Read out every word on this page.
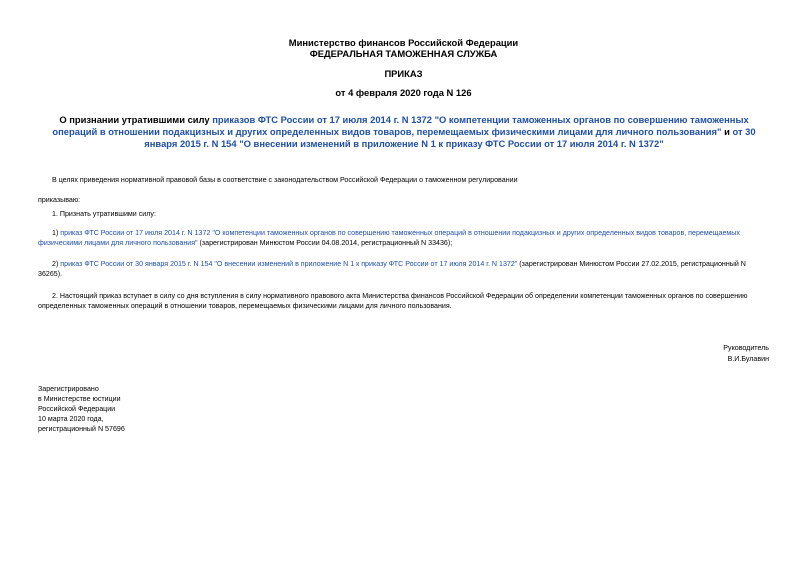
Министерство финансов Российской Федерации
ФЕДЕРАЛЬНАЯ ТАМОЖЕННАЯ СЛУЖБА
ПРИКАЗ
от 4 февраля 2020 года N 126
О признании утратившими силу приказов ФТС России от 17 июля 2014 г. N 1372 "О компетенции таможенных органов по совершению таможенных операций в отношении подакцизных и других определенных видов товаров, перемещаемых физическими лицами для личного пользования" и от 30 января 2015 г. N 154 "О внесении изменений в приложение N 1 к приказу ФТС России от 17 июля 2014 г. N 1372"
В целях приведения нормативной правовой базы в соответствие с законодательством Российской Федерации о таможенном регулировании
приказываю:
1. Признать утратившими силу:
1) приказ ФТС России от 17 июля 2014 г. N 1372 "О компетенции таможенных органов по совершению таможенных операций в отношении подакцизных и других определенных видов товаров, перемещаемых физическими лицами для личного пользования" (зарегистрирован Минюстом России 04.08.2014, регистрационный N 33436);
2) приказ ФТС России от 30 января 2015 г. N 154 "О внесении изменений в приложение N 1 к приказу ФТС России от 17 июля 2014 г. N 1372" (зарегистрирован Минюстом России 27.02.2015, регистрационный N 36265).
2. Настоящий приказ вступает в силу со дня вступления в силу нормативного правового акта Министерства финансов Российской Федерации об определении компетенции таможенных органов по совершению определенных таможенных операций в отношении товаров, перемещаемых физическими лицами для личного пользования.
Руководитель
В.И.Булавин
Зарегистрировано
в Министерстве юстиции
Российской Федерации
10 марта 2020 года,
регистрационный N 57696
